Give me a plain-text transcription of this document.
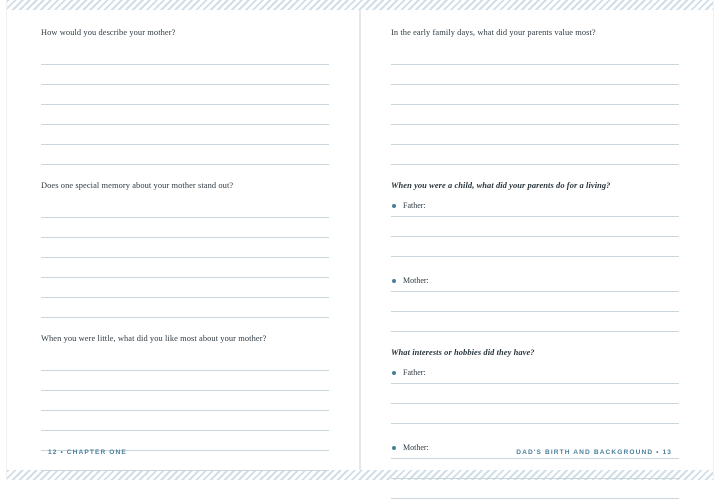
How would you describe your mother?

Does one special memory about your mother stand out?

When you were little, what did you like most about your mother?

12 • CHAPTER ONE

In the early family days, what did your parents value most?

When you were a child, what did your parents do for a living?

Father:
Mother:

What interests or hobbies did they have?

Father:
Mother:
DAD'S BIRTH AND BACKGROUND • 13
